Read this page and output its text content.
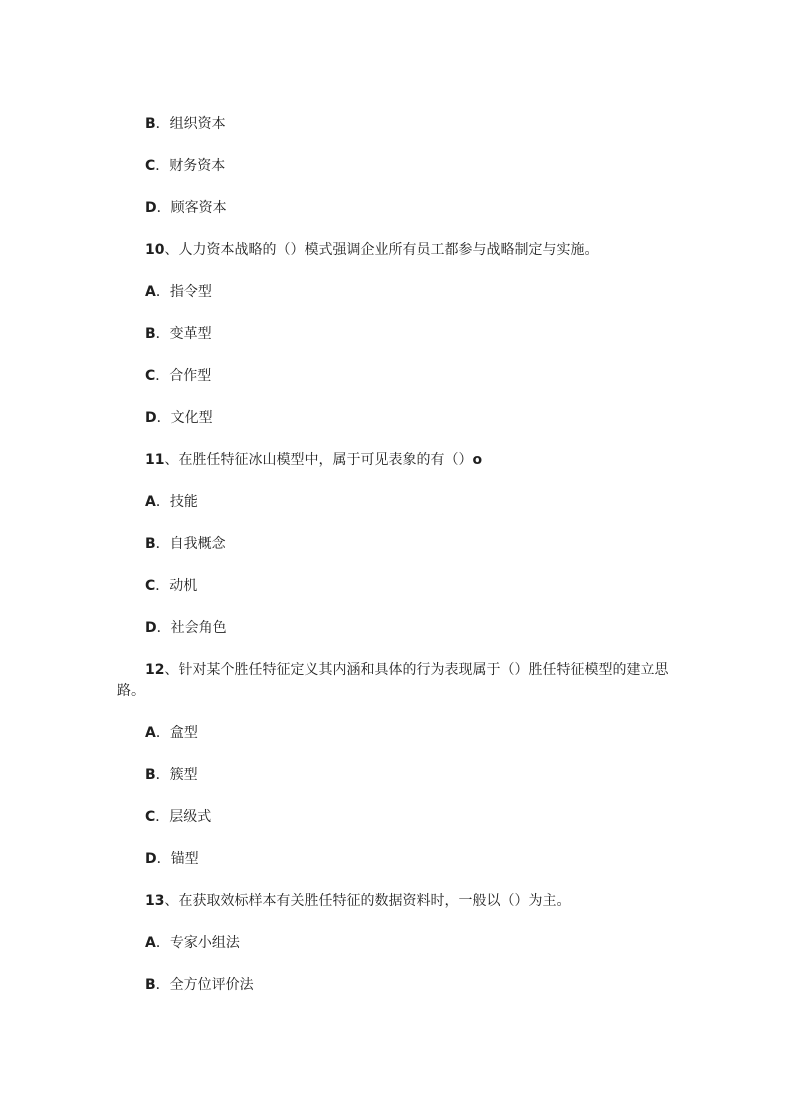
B．组织资本

C．财务资本

D．顾客资本

10、人力资本战略的（）模式强调企业所有员工都参与战略制定与实施。

A．指令型

B．变革型

C．合作型

D．文化型

11、在胜任特征冰山模型中，属于可见表象的有（）o

A．技能

B．自我概念

C．动机

D．社会角色

12、针对某个胜任特征定义其内涵和具体的行为表现属于（）胜任特征模型的建立思路。

A．盒型

B．簇型

C．层级式

D．锚型

13、在获取效标样本有关胜任特征的数据资料时，一般以（）为主。

A．专家小组法

B．全方位评价法
